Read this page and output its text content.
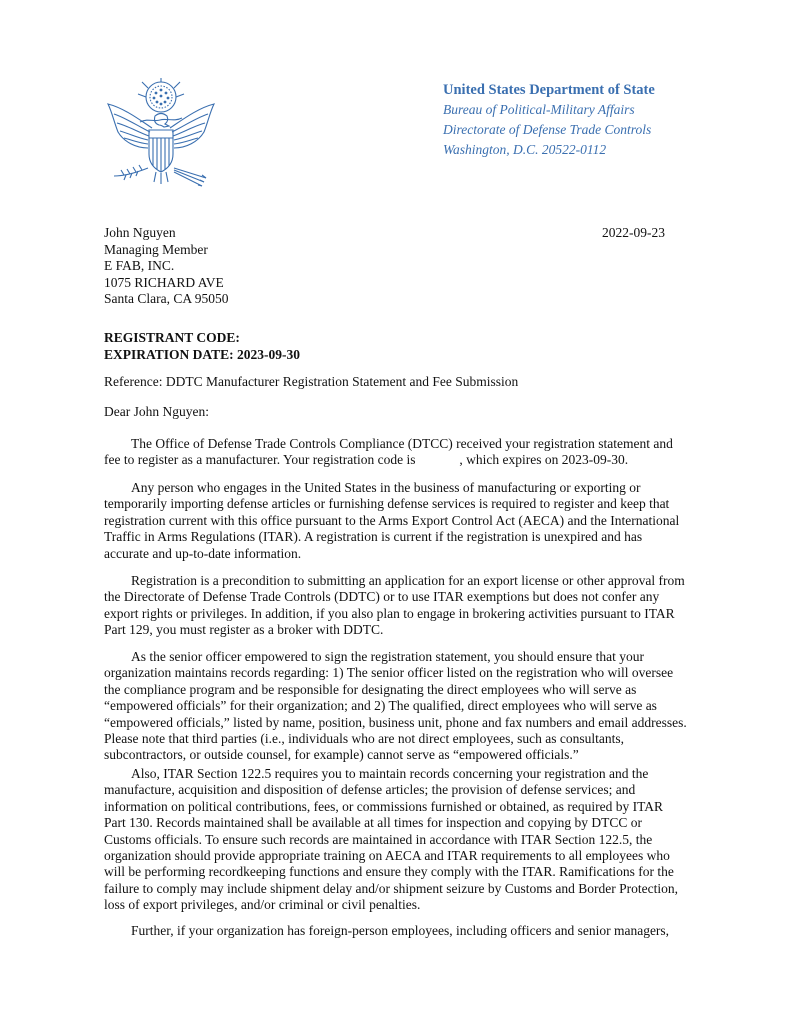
United States Department of State
Bureau of Political-Military Affairs
Directorate of Defense Trade Controls
Washington, D.C. 20522-0112
John Nguyen
Managing Member
E FAB, INC.
1075 RICHARD AVE
Santa Clara, CA 95050
2022-09-23
REGISTRANT CODE:
EXPIRATION DATE: 2023-09-30

Reference: DDTC Manufacturer Registration Statement and Fee Submission

Dear John Nguyen:

The Office of Defense Trade Controls Compliance (DTCC) received your registration statement and fee to register as a manufacturer. Your registration code is             , which expires on 2023-09-30.

Any person who engages in the United States in the business of manufacturing or exporting or temporarily importing defense articles or furnishing defense services is required to register and keep that registration current with this office pursuant to the Arms Export Control Act (AECA) and the International Traffic in Arms Regulations (ITAR). A registration is current if the registration is unexpired and has accurate and up-to-date information.

Registration is a precondition to submitting an application for an export license or other approval from the Directorate of Defense Trade Controls (DDTC) or to use ITAR exemptions but does not confer any export rights or privileges. In addition, if you also plan to engage in brokering activities pursuant to ITAR Part 129, you must register as a broker with DDTC.

As the senior officer empowered to sign the registration statement, you should ensure that your organization maintains records regarding: 1) The senior officer listed on the registration who will oversee the compliance program and be responsible for designating the direct employees who will serve as “empowered officials” for their organization; and 2) The qualified, direct employees who will serve as “empowered officials,” listed by name, position, business unit, phone and fax numbers and email addresses. Please note that third parties (i.e., individuals who are not direct employees, such as consultants, subcontractors, or outside counsel, for example) cannot serve as “empowered officials.”

Also, ITAR Section 122.5 requires you to maintain records concerning your registration and the manufacture, acquisition and disposition of defense articles; the provision of defense services; and information on political contributions, fees, or commissions furnished or obtained, as required by ITAR Part 130. Records maintained shall be available at all times for inspection and copying by DTCC or Customs officials. To ensure such records are maintained in accordance with ITAR Section 122.5, the organization should provide appropriate training on AECA and ITAR requirements to all employees who will be performing recordkeeping functions and ensure they comply with the ITAR. Ramifications for the failure to comply may include shipment delay and/or shipment seizure by Customs and Border Protection, loss of export privileges, and/or criminal or civil penalties.

Further, if your organization has foreign-person employees, including officers and senior managers,
